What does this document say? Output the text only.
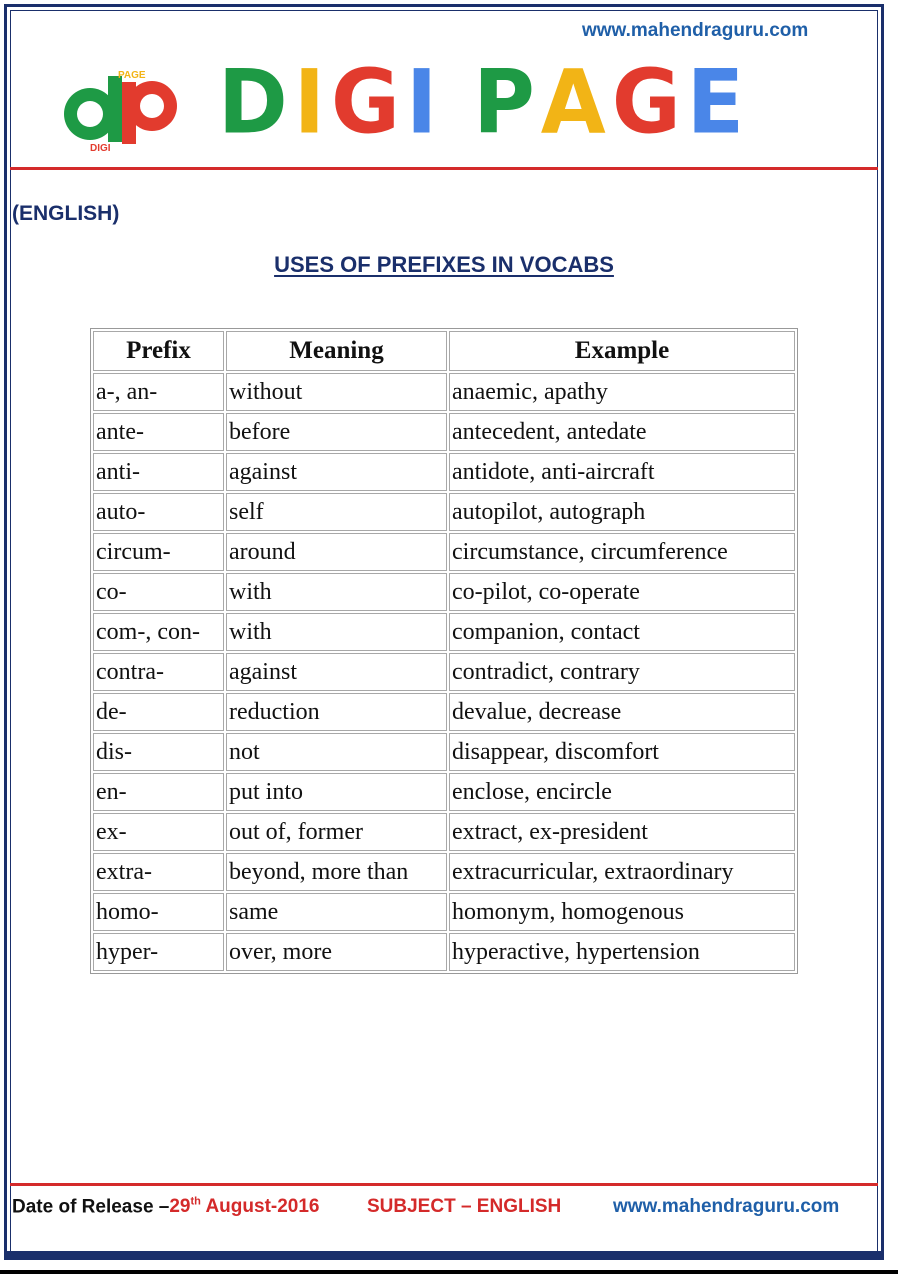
www.mahendraguru.com
PAGE
DIGI DIGI PAGE
(ENGLISH)
USES OF PREFIXES IN VOCABS
Prefix	Meaning	Example
a-, an-	without	anaemic, apathy
ante-	before	antecedent, antedate
anti-	against	antidote, anti-aircraft
auto-	self	autopilot, autograph
circum-	around	circumstance, circumference
co-	with	co-pilot, co-operate
com-, con-	with	companion, contact
contra-	against	contradict, contrary
de-	reduction	devalue, decrease
dis-	not	disappear, discomfort
en-	put into	enclose, encircle
ex-	out of, former	extract, ex-president
extra-	beyond, more than	extracurricular, extraordinary
homo-	same	homonym, homogenous
hyper-	over, more	hyperactive, hypertension
Date of Release –29th August-2016	SUBJECT – ENGLISH	www.mahendraguru.com
